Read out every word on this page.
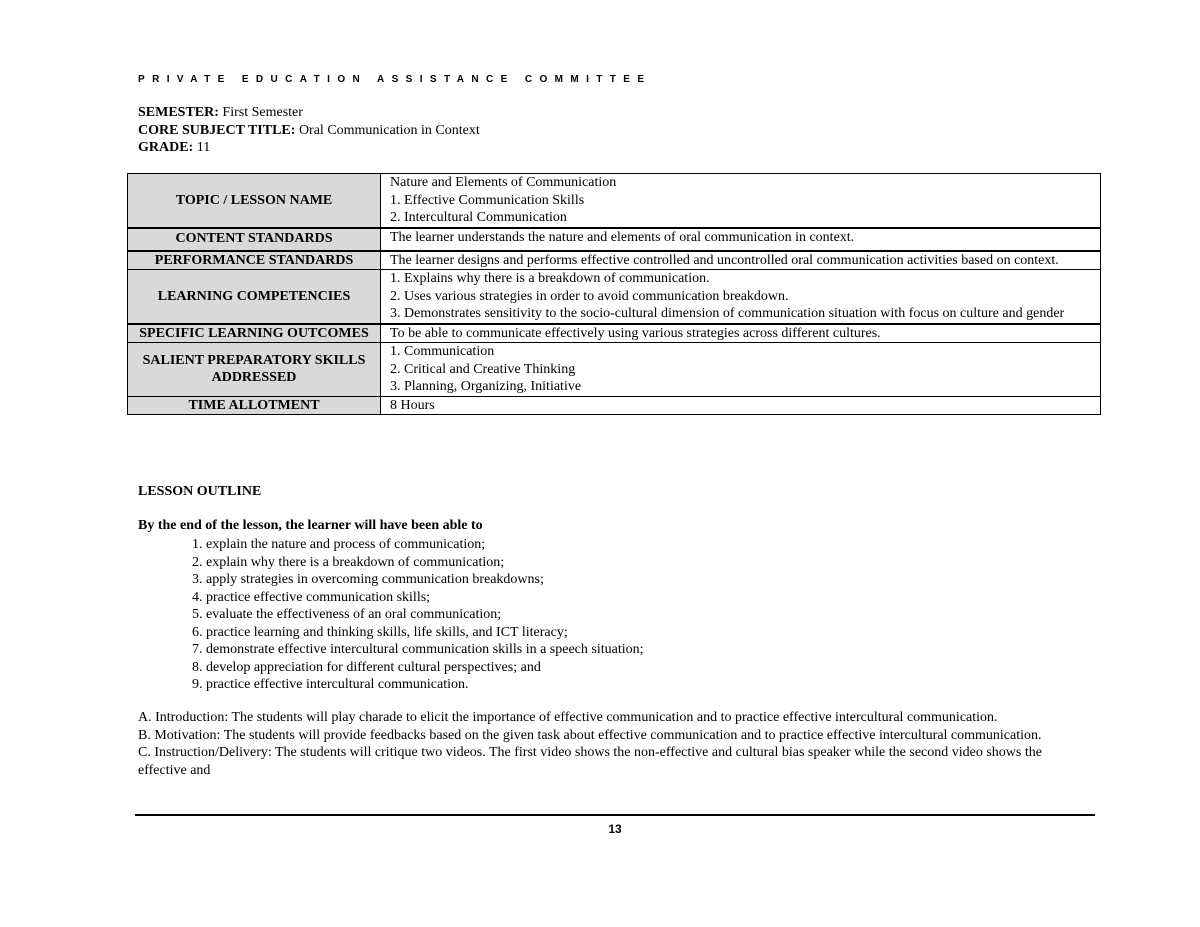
PRIVATE EDUCATION ASSISTANCE COMMITTEE
SEMESTER: First Semester
CORE SUBJECT TITLE: Oral Communication in Context
GRADE: 11
TOPIC / LESSON NAME	Nature and Elements of Communication
1. Effective Communication Skills
2. Intercultural Communication

CONTENT STANDARDS	The learner understands the nature and elements of oral communication in context.
PERFORMANCE STANDARDS	The learner designs and performs effective controlled and uncontrolled oral communication activities based on context.
LEARNING COMPETENCIES	1. Explains why there is a breakdown of communication.
2. Uses various strategies in order to avoid communication breakdown.
3. Demonstrates sensitivity to the socio-cultural dimension of communication situation with focus on culture and gender

SPECIFIC LEARNING OUTCOMES	To be able to communicate effectively using various strategies across different cultures.
SALIENT PREPARATORY SKILLS ADDRESSED	1. Communication
2. Critical and Creative Thinking
3. Planning, Organizing, Initiative

TIME ALLOTMENT	8 Hours
LESSON OUTLINE
By the end of the lesson, the learner will have been able to
1. explain the nature and process of communication;
2. explain why there is a breakdown of communication;
3. apply strategies in overcoming communication breakdowns;
4. practice effective communication skills;
5. evaluate the effectiveness of an oral communication;
6. practice learning and thinking skills, life skills, and ICT literacy;
7. demonstrate effective intercultural communication skills in a speech situation;
8. develop appreciation for different cultural perspectives; and
9. practice effective intercultural communication.

A. Introduction: The students will play charade to elicit the importance of effective communication and to practice effective intercultural communication.

B. Motivation: The students will provide feedbacks based on the given task about effective communication and to practice effective intercultural communication.

C. Instruction/Delivery: The students will critique two videos. The first video shows the non-effective and cultural bias speaker while the second video shows the effective and

13
